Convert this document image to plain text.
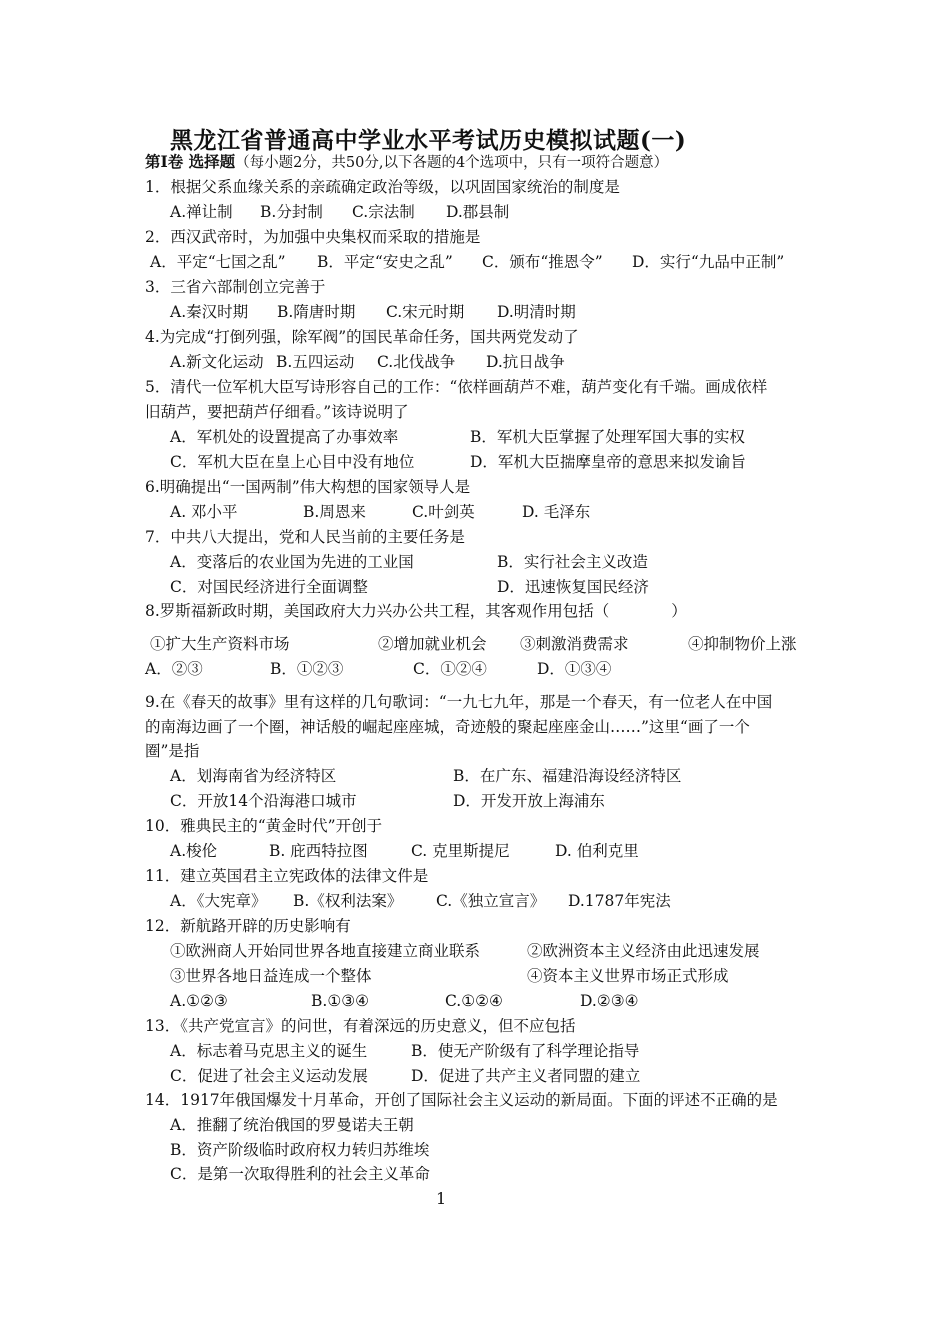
黑龙江省普通高中学业水平考试历史模拟试题(一)
第Ⅰ卷 选择题（每小题2分，共50分,以下各题的4个选项中，只有一项符合题意）
1．根据父系血缘关系的亲疏确定政治等级，以巩固国家统治的制度是
A.禅让制 B.分封制 C.宗法制 D.郡县制
2．西汉武帝时，为加强中央集权而采取的措施是
A．平定“七国之乱” B．平定“安史之乱” C．颁布“推恩令” D．实行“九品中正制”
3．三省六部制创立完善于
A.秦汉时期 B.隋唐时期 C.宋元时期 D.明清时期
4.为完成“打倒列强，除军阀”的国民革命任务，国共两党发动了
A.新文化运动 B.五四运动 C.北伐战争 D.抗日战争
5．清代一位军机大臣写诗形容自己的工作：“依样画葫芦不难，葫芦变化有千端。画成依样
旧葫芦，要把葫芦仔细看。”该诗说明了
A．军机处的设置提高了办事效率	B．军机大臣掌握了处理军国大事的实权
C．军机大臣在皇上心目中没有地位	D．军机大臣揣摩皇帝的意思来拟发谕旨
6.明确提出“一国两制”伟大构想的国家领导人是
A. 邓小平	B.周恩来	C.叶剑英	D. 毛泽东
7．中共八大提出，党和人民当前的主要任务是
A．变落后的农业国为先进的工业国	B．实行社会主义改造
C．对国民经济进行全面调整	D．迅速恢复国民经济
8.罗斯福新政时期，美国政府大力兴办公共工程，其客观作用包括（　　　　）
①扩大生产资料市场	②增加就业机会 ③刺激消费需求	④抑制物价上涨
A．②③	B．①②③	C．①②④	D．①③④
9.在《春天的故事》里有这样的几句歌词：“一九七九年，那是一个春天，有一位老人在中国
的南海边画了一个圈，神话般的崛起座座城，奇迹般的聚起座座金山……”这里“画了一个
圈”是指
A．划海南省为经济特区	B．在广东、福建沿海设经济特区
C．开放14个沿海港口城市	D．开发开放上海浦东
10．雅典民主的“黄金时代”开创于
A.梭伦	B. 庇西特拉图	C. 克里斯提尼	D. 伯利克里
11．建立英国君主立宪政体的法律文件是
A．《大宪章》 B.《权利法案》 C.《独立宣言》 D.1787年宪法
12．新航路开辟的历史影响有
①欧洲商人开始同世界各地直接建立商业联系	②欧洲资本主义经济由此迅速发展
③世界各地日益连成一个整体	④资本主义世界市场正式形成
A.①②③	B.①③④	C.①②④	D.②③④
13．《共产党宣言》的问世，有着深远的历史意义，但不应包括
A．标志着马克思主义的诞生	B．使无产阶级有了科学理论指导
C．促进了社会主义运动发展	D．促进了共产主义者同盟的建立
14．1917年俄国爆发十月革命，开创了国际社会主义运动的新局面。下面的评述不正确的是
A．推翻了统治俄国的罗曼诺夫王朝
B．资产阶级临时政府权力转归苏维埃
C．是第一次取得胜利的社会主义革命
1
